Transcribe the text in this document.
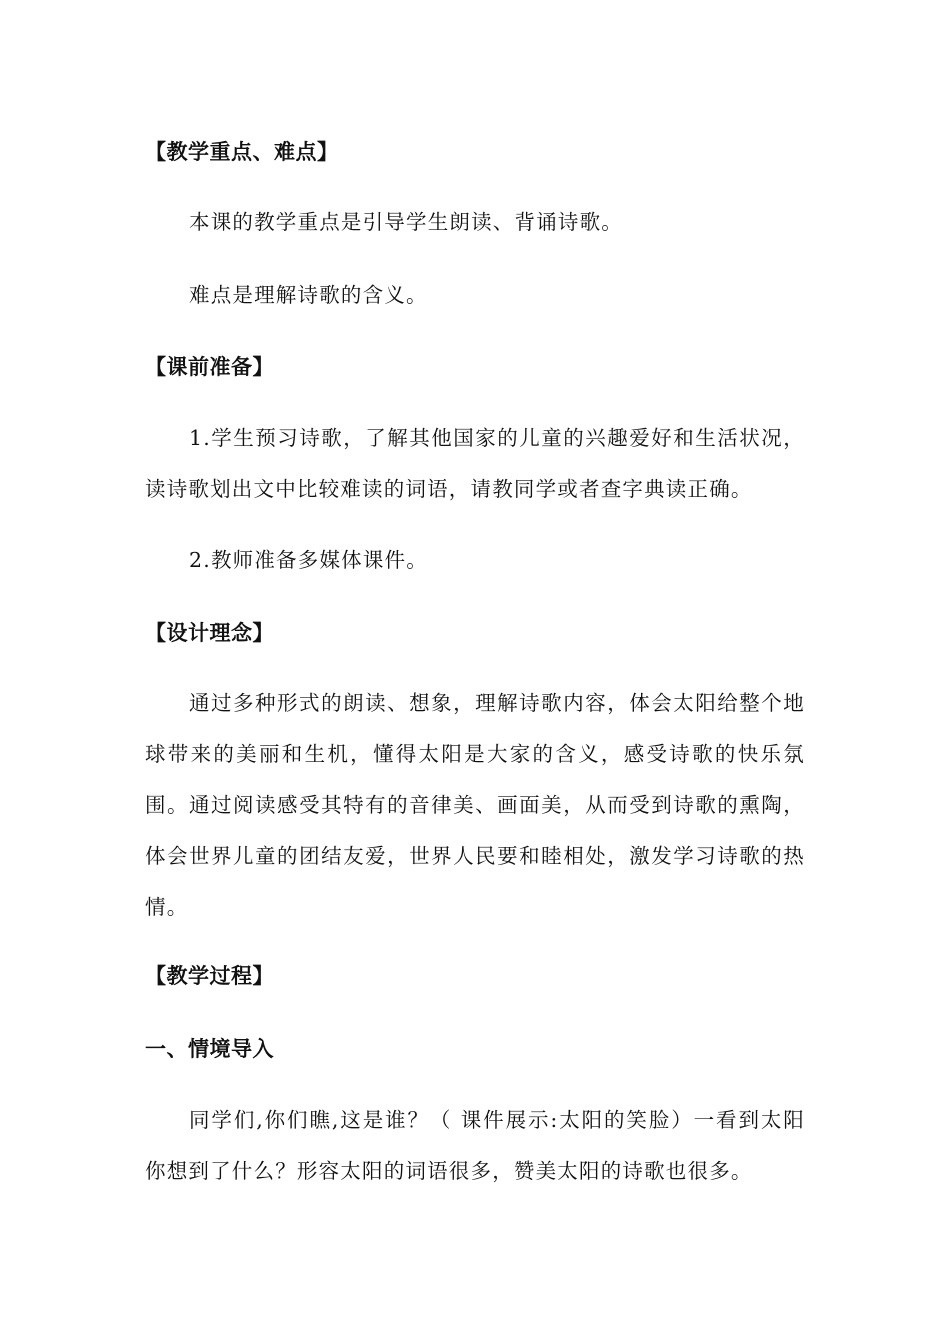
【教学重点、难点】

本课的教学重点是引导学生朗读、背诵诗歌。

难点是理解诗歌的含义。

【课前准备】

1.学生预习诗歌，了解其他国家的儿童的兴趣爱好和生活状况，读诗歌划出文中比较难读的词语，请教同学或者查字典读正确。

2.教师准备多媒体课件。

【设计理念】

通过多种形式的朗读、想象，理解诗歌内容，体会太阳给整个地球带来的美丽和生机，懂得太阳是大家的含义，感受诗歌的快乐氛围。通过阅读感受其特有的音律美、画面美，从而受到诗歌的熏陶，体会世界儿童的团结友爱，世界人民要和睦相处，激发学习诗歌的热情。

【教学过程】
一、情境导入

同学们,你们瞧,这是谁？（ 课件展示:太阳的笑脸）一看到太阳你想到了什么？形容太阳的词语很多，赞美太阳的诗歌也很多。
